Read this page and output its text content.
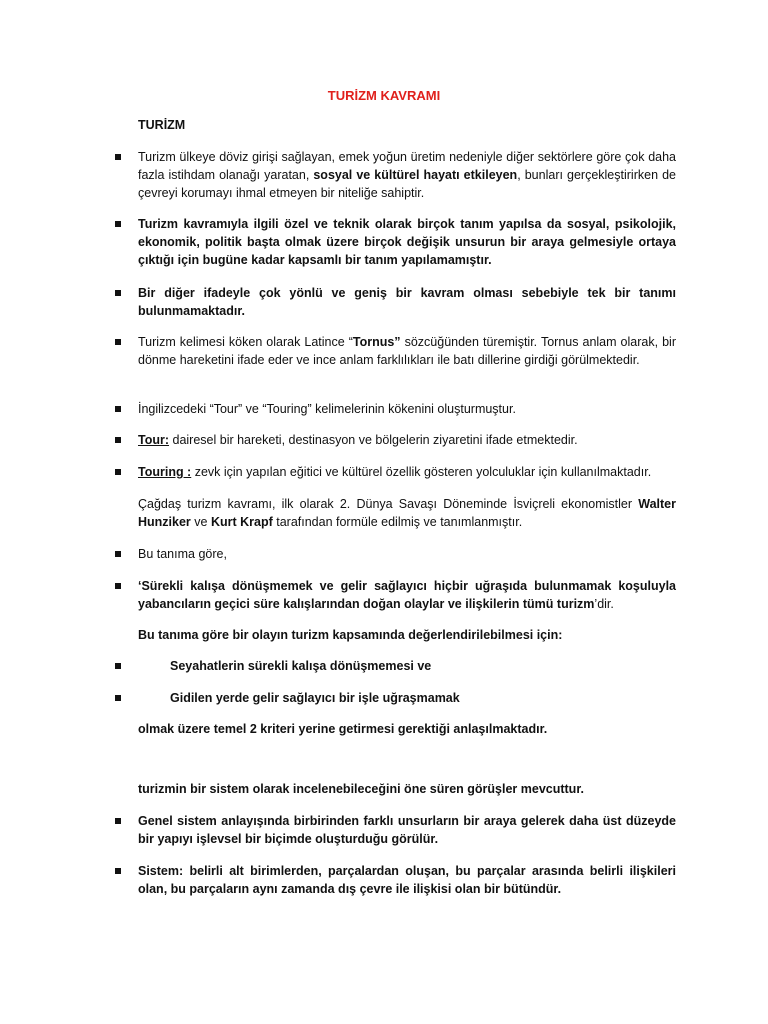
TURİZM KAVRAMI
TURİZM
Turizm ülkeye döviz girişi sağlayan, emek yoğun üretim nedeniyle diğer sektörlere göre çok daha fazla istihdam olanağı yaratan, sosyal ve kültürel hayatı etkileyen, bunları gerçekleştirirken de çevreyi korumayı ihmal etmeyen bir niteliğe sahiptir.
Turizm kavramıyla ilgili özel ve teknik olarak birçok tanım yapılsa da sosyal, psikolojik, ekonomik, politik başta olmak üzere birçok değişik unsurun bir araya gelmesiyle ortaya çıktığı için bugüne kadar kapsamlı bir tanım yapılamamıştır.
Bir diğer ifadeyle çok yönlü ve geniş bir kavram olması sebebiyle tek bir tanımı bulunmamaktadır.
Turizm kelimesi köken olarak Latince “Tornus” sözcüğünden türemiştir. Tornus anlam olarak, bir dönme hareketini ifade eder ve ince anlam farklılıkları ile batı dillerine girdiği görülmektedir.
İngilizcedeki “Tour” ve “Touring” kelimelerinin kökenini oluşturmuştur.
Tour: dairesel bir hareketi, destinasyon ve bölgelerin ziyaretini ifade etmektedir.
Touring : zevk için yapılan eğitici ve kültürel özellik gösteren yolculuklar için kullanılmaktadır.
Çağdaş turizm kavramı, ilk olarak 2. Dünya Savaşı Döneminde İsviçreli ekonomistler Walter Hunziker ve Kurt Krapf tarafından formüle edilmiş ve tanımlanmıştır.
Bu tanıma göre,
‘Sürekli kalışa dönüşmemek ve gelir sağlayıcı hiçbir uğraşıda bulunmamak koşuluyla yabancıların geçici süre kalışlarından doğan olaylar ve ilişkilerin tümü turizm’dir.
Bu tanıma göre bir olayın turizm kapsamında değerlendirilebilmesi için:
Seyahatlerin sürekli kalışa dönüşmemesi ve
Gidilen yerde gelir sağlayıcı bir işle uğraşmamak
olmak üzere temel 2 kriteri yerine getirmesi gerektiği anlaşılmaktadır.
turizmin bir sistem olarak incelenebileceğini öne süren görüşler mevcuttur.
Genel sistem anlayışında birbirinden farklı unsurların bir araya gelerek daha üst düzeyde bir yapıyı işlevsel bir biçimde oluşturduğu görülür.
Sistem: belirli alt birimlerden, parçalardan oluşan, bu parçalar arasında belirli ilişkileri olan, bu parçaların aynı zamanda dış çevre ile ilişkisi olan bir bütündür.
